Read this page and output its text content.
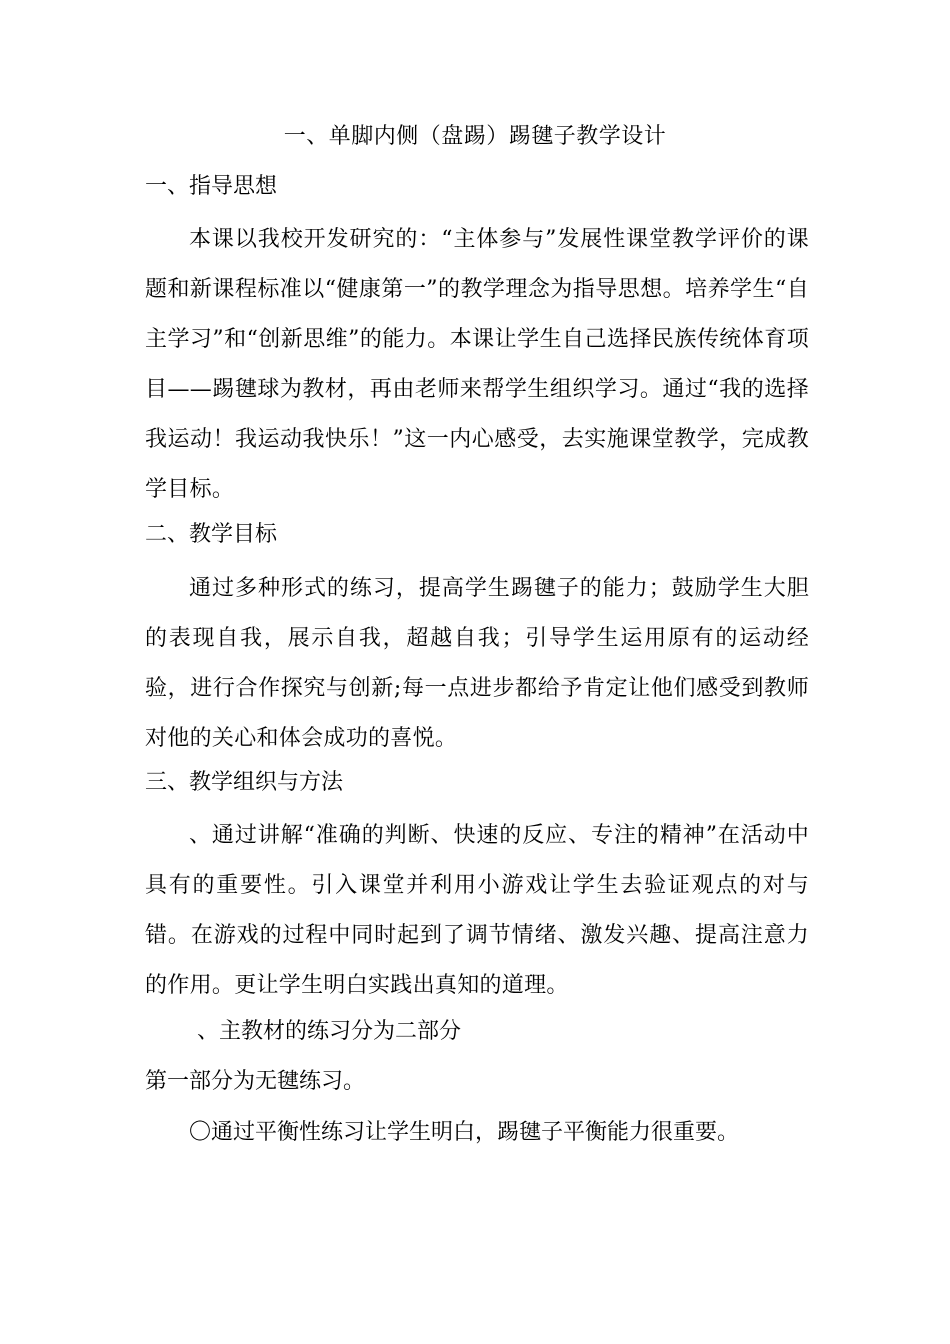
一、单脚内侧（盘踢）踢毽子教学设计
一、指导思想
本课以我校开发研究的：“主体参与”发展性课堂教学评价的课题和新课程标准以“健康第一”的教学理念为指导思想。培养学生“自主学习”和“创新思维”的能力。本课让学生自己选择民族传统体育项目——踢毽球为教材，再由老师来帮学生组织学习。通过“我的选择我运动！我运动我快乐！”这一内心感受，去实施课堂教学，完成教学目标。
二、教学目标
通过多种形式的练习，提高学生踢毽子的能力；鼓励学生大胆的表现自我，展示自我，超越自我；引导学生运用原有的运动经验，进行合作探究与创新;每一点进步都给予肯定让他们感受到教师对他的关心和体会成功的喜悦。
三、教学组织与方法
、通过讲解“准确的判断、快速的反应、专注的精神”在活动中具有的重要性。引入课堂并利用小游戏让学生去验证观点的对与错。在游戏的过程中同时起到了调节情绪、激发兴趣、提高注意力的作用。更让学生明白实践出真知的道理。
、主教材的练习分为二部分
第一部分为无毽练习。
〇通过平衡性练习让学生明白，踢毽子平衡能力很重要。
